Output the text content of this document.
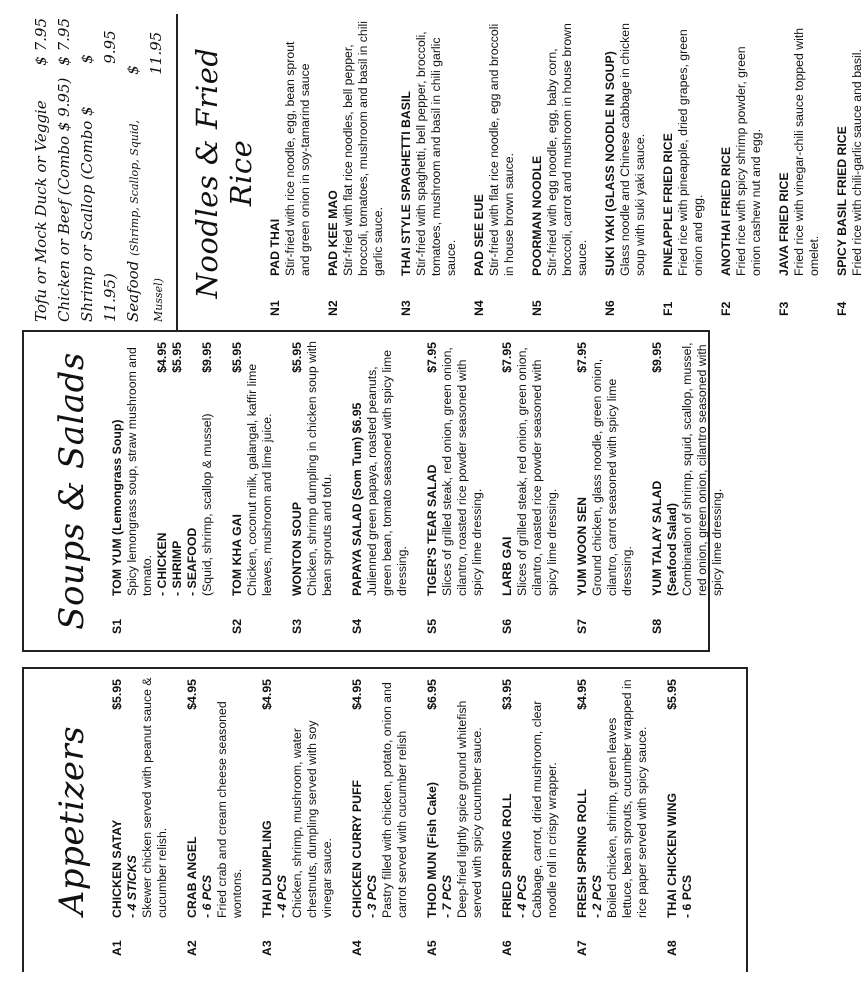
Appetizers
A1
CHICKEN SATAY
$5.95
- 4 STICKS Skewer chicken served with peanut sauce & cucumber relish.
A2
CRAB ANGEL
$4.95
- 6 PCS Fried crab and cream cheese seasoned wontons.
A3
THAI DUMPLING
$4.95
- 4 PCS Chicken, shrimp, mushroom, water chestnuts, dumpling served with soy vinegar sauce.
A4
CHICKEN CURRY PUFF
$4.95
- 3 PCS Pastry filled with chicken, potato, onion and carrot served with cucumber relish
A5
THOD MUN (Fish Cake)
$6.95
- 7 PCS Deep-fried lightly spice ground whitefish served with spicy cucumber sauce.
A6
FRIED SPRING ROLL
$3.95
- 4 PCS Cabbage, carrot, dried mushroom, clear noodle roll in crispy wrapper.
A7
FRESH SPRING ROLL
$4.95
- 2 PCS Boiled chicken, shrimp, green leaves lettuce, bean sprouts, cucumber wrapped in rice paper served with spicy sauce.
A8
THAI CHICKEN WING
$5.95
- 6 PCS
Soups & Salads S1
TOM YUM (Lemongrass Soup) Spicy lemongrass soup, straw mushroom and tomato. - CHICKEN
$4.95
- SHRIMP
$5.95
- SEAFOOD (Squid, shrimp, scallop & mussel)
$9.95
S2
TOM KHA GAI
$5.95
Chicken, coconut milk, galangal, kaffir lime leaves, mushroom and lime juice.
S3
WONTON SOUP
$5.95 Chicken, shrimp dumpling in chicken soup with bean sprouts and tofu.
S4
PAPAYA SALAD (Som Tum) $6.95 Julienned green papaya, roasted peanuts, green bean, tomato seasoned with spicy lime dressing.
S5
TIGER'S TEAR SALAD
$7.95 Slices of grilled steak, red onion, green onion, cilantro, roasted rice powder seasoned with spicy lime dressing.
S6
LARB GAI
$7.95 Slices of grilled steak, red onion, green onion, cilantro, roasted rice powder seasoned with spicy lime dressing.
S7
YUM WOON SEN
$7.95
Ground chicken, glass noodle, green onion, cilantro, carrot seasoned with spicy lime dressing.
S8
YUM TALAY SALAD
$9.95
(Seafood Salad) Combination of shrimp, squid, scallop, mussel, red onion, green onion, cilantro seasoned with spicy lime dressing.
Tofu or Mock Duck or Veggie
$ 7.95
Chicken or Beef (Combo $ 9.95)
$ 7.95
Shrimp or Scallop (Combo $ 11.95)
$ 9.95
Seafood (Shrimp, Scallop, Squid, Mussel)
$ 11.95 Noodles & Fried Rice
N1
PAD THAI Stir-fried with rice noodle, egg, bean sprout and green onion in soy-tamarind sauce
N2
PAD KEE MAO Stir-fried with flat rice noodles, bell pepper, broccoli, tomatoes, mushroom and basil in chili garlic sauce.
N3
THAI STYLE SPAGHETTI BASIL Stir-fried with spaghetti, bell pepper, broccoli, tomatoes, mushroom and basil in chili garlic sauce.
N4
PAD SEE EUE Stir-fried with flat rice noodle, egg and broccoli in house brown sauce.
N5
POORMAN NOODLE Stir-fried with egg noodle, egg, baby corn, broccoli, carrot and mushroom in house brown sauce.
N6
SUKI YAKI (GLASS NOODLE IN SOUP) Glass noodle and Chinese cabbage in chicken soup with suki yaki sauce.
F1
PINEAPPLE FRIED RICE Fried rice with pineapple, dried grapes, green onion and egg.
F2
ANOTHAI FRIED RICE Fried rice with spicy shrimp powder, green onion cashew nut and egg.
F3
JAVA FRIED RICE Fried rice with vinegar-chili sauce topped with omelet.
F4
SPICY BASIL FRIED RICE Fried rice with chili-garlic sauce and basil.
